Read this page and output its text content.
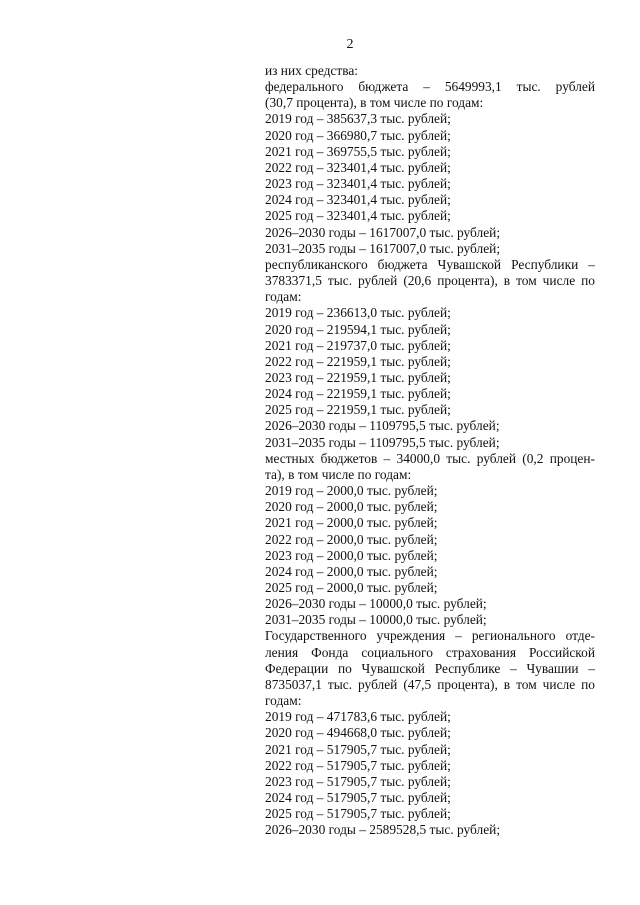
2
из них средства:
федерального бюджета – 5649993,1 тыс. рублей
(30,7 процента), в том числе по годам:
2019 год – 385637,3 тыс. рублей;
2020 год – 366980,7 тыс. рублей;
2021 год – 369755,5 тыс. рублей;
2022 год – 323401,4 тыс. рублей;
2023 год – 323401,4 тыс. рублей;
2024 год – 323401,4 тыс. рублей;
2025 год – 323401,4 тыс. рублей;
2026–2030 годы – 1617007,0 тыс. рублей;
2031–2035 годы – 1617007,0 тыс. рублей;
республиканского бюджета Чувашской Республики –
3783371,5 тыс. рублей (20,6 процента), в том числе по
годам:
2019 год – 236613,0 тыс. рублей;
2020 год – 219594,1 тыс. рублей;
2021 год – 219737,0 тыс. рублей;
2022 год – 221959,1 тыс. рублей;
2023 год – 221959,1 тыс. рублей;
2024 год – 221959,1 тыс. рублей;
2025 год – 221959,1 тыс. рублей;
2026–2030 годы – 1109795,5 тыс. рублей;
2031–2035 годы – 1109795,5 тыс. рублей;
местных бюджетов – 34000,0 тыс. рублей (0,2 процен-
та), в том числе по годам:
2019 год – 2000,0 тыс. рублей;
2020 год – 2000,0 тыс. рублей;
2021 год – 2000,0 тыс. рублей;
2022 год – 2000,0 тыс. рублей;
2023 год – 2000,0 тыс. рублей;
2024 год – 2000,0 тыс. рублей;
2025 год – 2000,0 тыс. рублей;
2026–2030 годы – 10000,0 тыс. рублей;
2031–2035 годы – 10000,0 тыс. рублей;
Государственного учреждения – регионального отде-
ления Фонда социального страхования Российской
Федерации по Чувашской Республике – Чувашии –
8735037,1 тыс. рублей (47,5 процента), в том числе по
годам:
2019 год – 471783,6 тыс. рублей;
2020 год – 494668,0 тыс. рублей;
2021 год – 517905,7 тыс. рублей;
2022 год – 517905,7 тыс. рублей;
2023 год – 517905,7 тыс. рублей;
2024 год – 517905,7 тыс. рублей;
2025 год – 517905,7 тыс. рублей;
2026–2030 годы – 2589528,5 тыс. рублей;
